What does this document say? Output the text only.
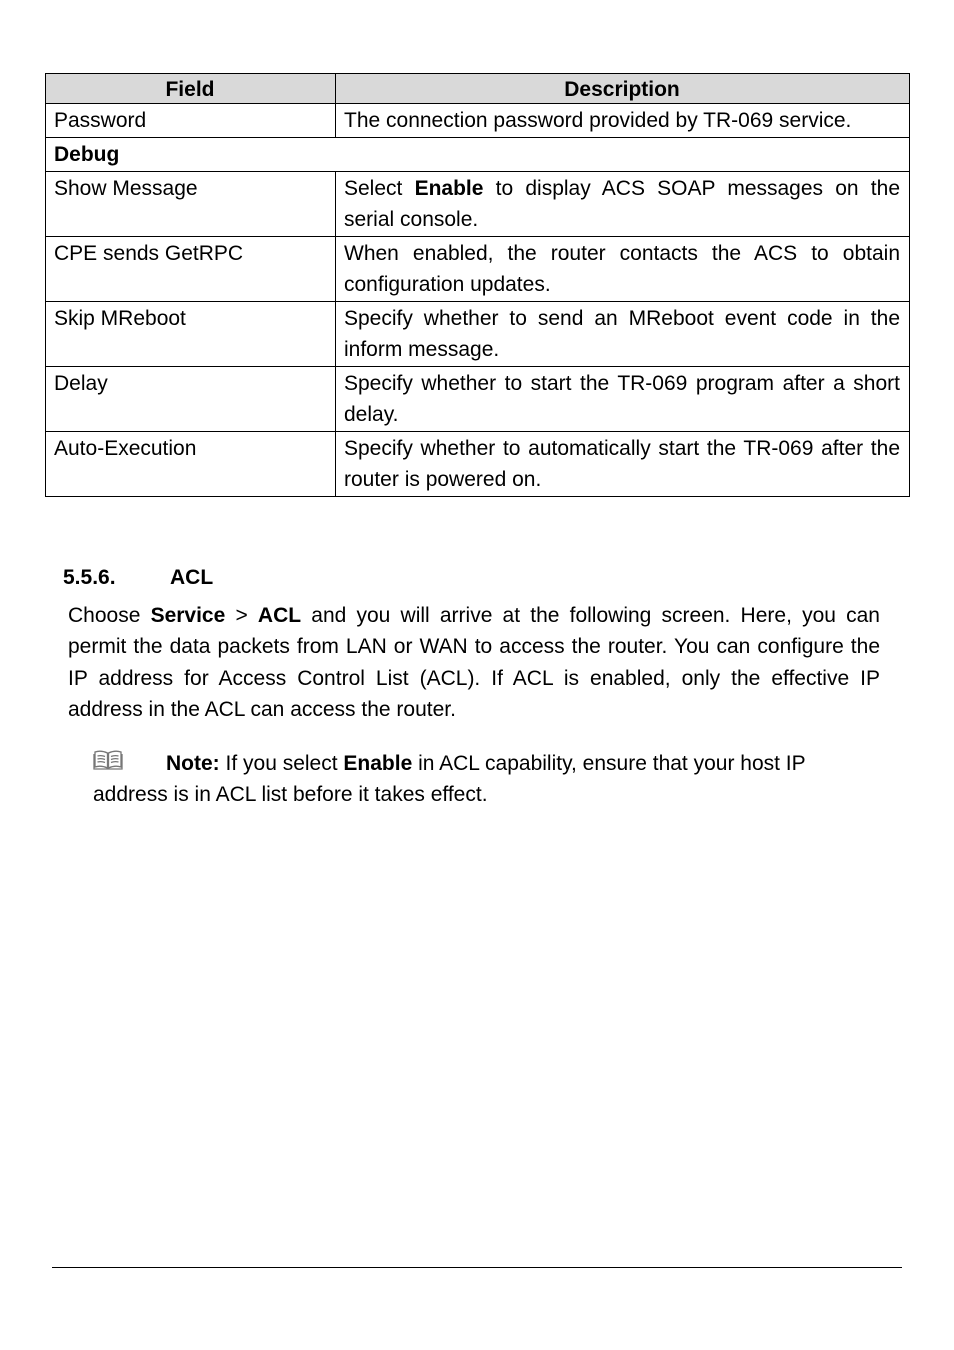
Field	Description
Password	The connection password provided by TR-069 service.
Debug	
Show Message	Select Enable to display ACS SOAP messages on the serial console.
CPE sends GetRPC	When enabled, the router contacts the ACS to obtain configuration updates.
Skip MReboot	Specify whether to send an MReboot event code in the inform message.
Delay	Specify whether to start the TR-069 program after a short delay.
Auto-Execution	Specify whether to automatically start the TR-069 after the router is powered on.
5.5.6.	ACL

Choose Service > ACL and you will arrive at the following screen. Here, you can permit the data packets from LAN or WAN to access the router. You can configure the IP address for Access Control List (ACL). If ACL is enabled, only the effective IP address in the ACL can access the router.

Note: If you select Enable in ACL capability, ensure that your host IP address is in ACL list before it takes effect.
